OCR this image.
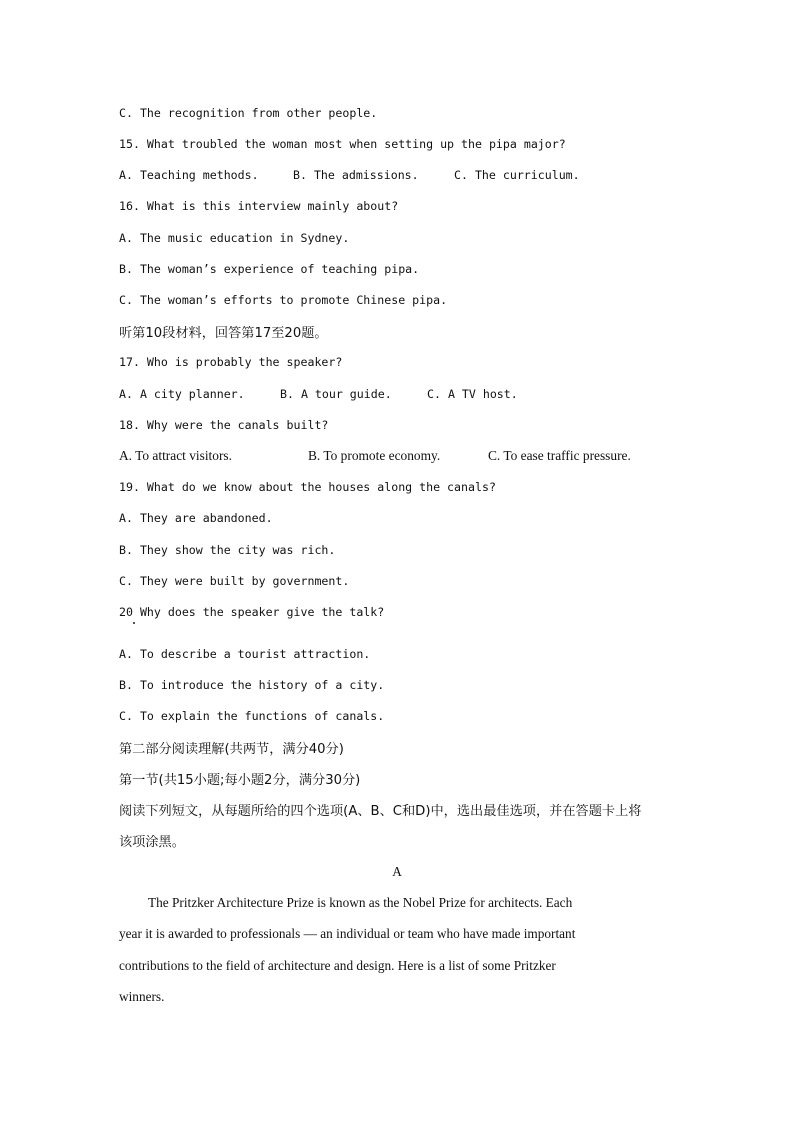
C. The recognition from other people.

15. What troubled the woman most when setting up the pipa major?

A. Teaching methods.	B. The admissions.	C. The curriculum.

16. What is this interview mainly about?

A. The music education in Sydney.

B. The woman’s experience of teaching pipa.

C. The woman’s efforts to promote Chinese pipa.

听第10段材料，回答第17至20题。

17. Who is probably the speaker?

A. A city planner.	B. A tour guide.	C. A TV host.

18. Why were the canals built?

A. To attract visitors.	B. To promote economy.	C. To ease traffic pressure.

19. What do we know about the houses along the canals?

A. They are abandoned.

B. They show the city was rich.

C. They were built by government.

20 Why does the speaker give the talk?

A. To describe a tourist attraction.

B. To introduce the history of a city.

C. To explain the functions of canals.

第二部分阅读理解(共两节，满分40分)

第一节(共15小题;每小题2分，满分30分)

阅读下列短文，从每题所给的四个选项(A、B、C和D)中，选出最佳选项，并在答题卡上将

该项涂黑。

A

The Pritzker Architecture Prize is known as the Nobel Prize for architects. Each

year it is awarded to professionals — an individual or team who have made important

contributions to the field of architecture and design. Here is a list of some Pritzker

winners.
